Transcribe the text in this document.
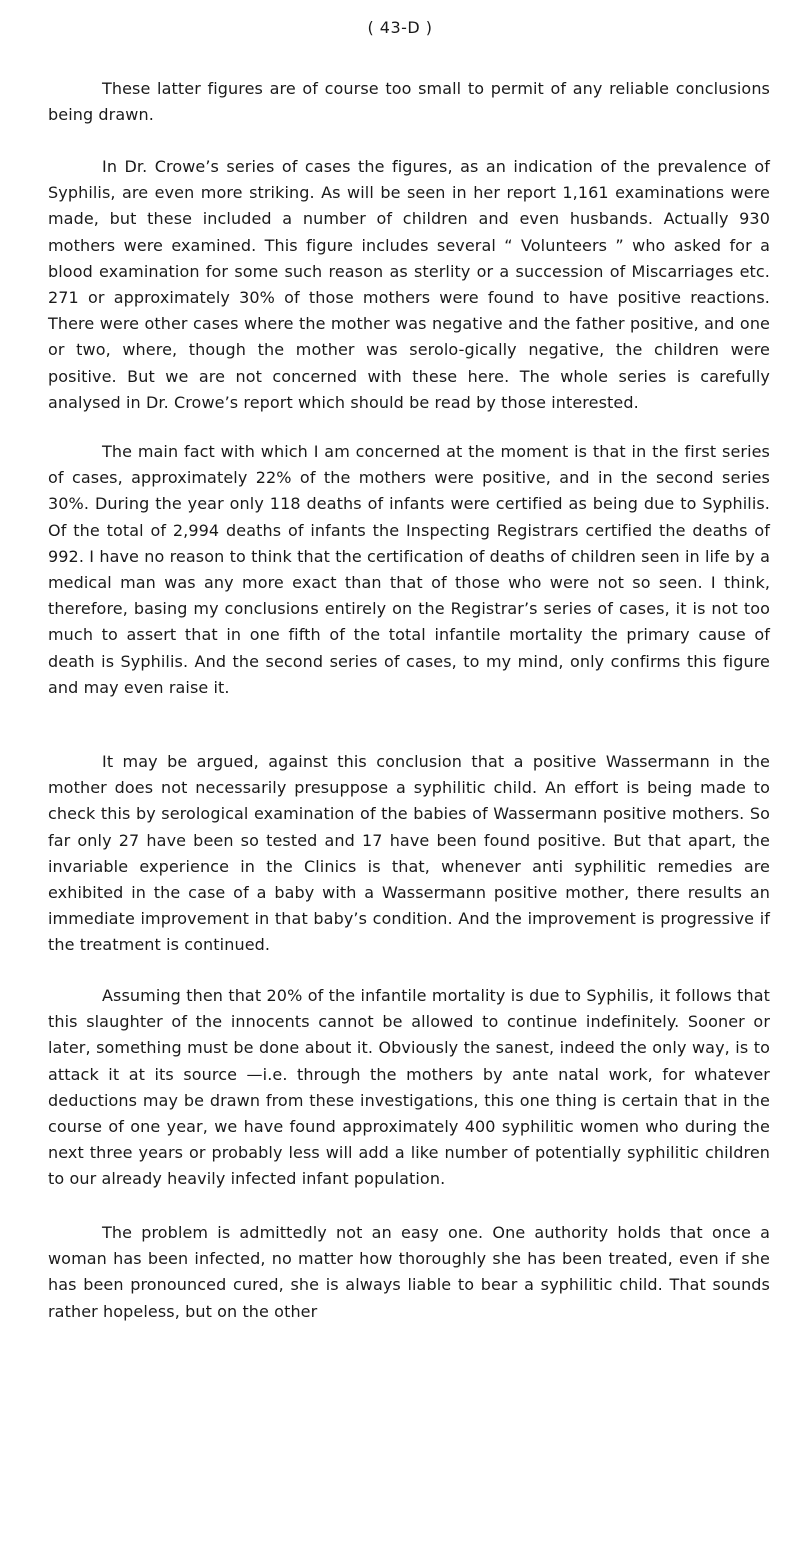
( 43-D )

These latter figures are of course too small to permit of any reliable conclusions being drawn.

In Dr. Crowe’s series of cases the figures, as an indication of the prevalence of Syphilis, are even more striking. As will be seen in her report 1,161 examinations were made, but these included a number of children and even husbands. Actually 930 mothers were examined. This figure includes several “ Volunteers ” who asked for a blood examination for some such reason as sterlity or a succession of Miscarriages etc. 271 or approximately 30% of those mothers were found to have positive reactions. There were other cases where the mother was negative and the father positive, and one or two, where, though the mother was serolo-gically negative, the children were positive. But we are not concerned with these here. The whole series is carefully analysed in Dr. Crowe’s report which should be read by those interested.

The main fact with which I am concerned at the moment is that in the first series of cases, approximately 22% of the mothers were positive, and in the second series 30%. During the year only 118 deaths of infants were certified as being due to Syphilis. Of the total of 2,994 deaths of infants the Inspecting Registrars certified the deaths of 992. I have no reason to think that the certification of deaths of children seen in life by a medical man was any more exact than that of those who were not so seen. I think, therefore, basing my conclusions entirely on the Registrar’s series of cases, it is not too much to assert that in one fifth of the total infantile mortality the primary cause of death is Syphilis. And the second series of cases, to my mind, only confirms this figure and may even raise it.

It may be argued, against this conclusion that a positive Wassermann in the mother does not necessarily presuppose a syphilitic child. An effort is being made to check this by serological examination of the babies of Wassermann positive mothers. So far only 27 have been so tested and 17 have been found positive. But that apart, the invariable experience in the Clinics is that, whenever anti syphilitic remedies are exhibited in the case of a baby with a Wassermann positive mother, there results an immediate improvement in that baby’s condition. And the improvement is progressive if the treatment is continued.

Assuming then that 20% of the infantile mortality is due to Syphilis, it follows that this slaughter of the innocents cannot be allowed to continue indefinitely. Sooner or later, something must be done about it. Obviously the sanest, indeed the only way, is to attack it at its source —i.e. through the mothers by ante natal work, for whatever deductions may be drawn from these investigations, this one thing is certain that in the course of one year, we have found approximately 400 syphilitic women who during the next three years or probably less will add a like number of potentially syphilitic children to our already heavily infected infant population.

The problem is admittedly not an easy one. One authority holds that once a woman has been infected, no matter how thoroughly she has been treated, even if she has been pronounced cured, she is always liable to bear a syphilitic child. That sounds rather hopeless, but on the other
